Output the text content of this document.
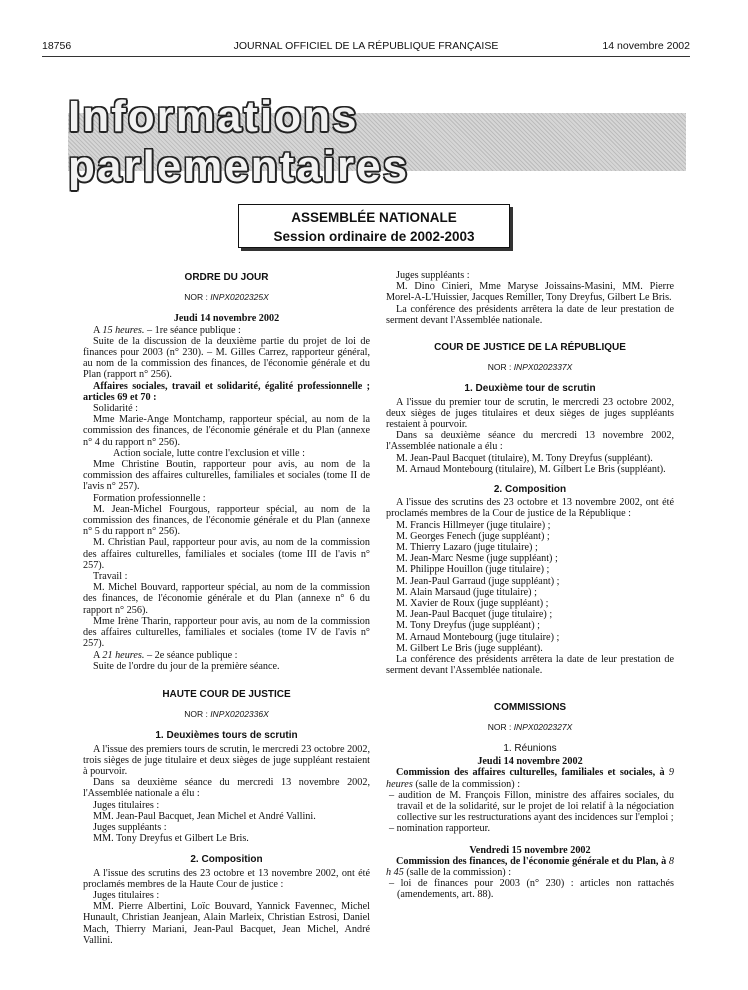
18756	JOURNAL OFFICIEL DE LA RÉPUBLIQUE FRANÇAISE	14 novembre 2002
Informations parlementaires
ASSEMBLÉE NATIONALE
Session ordinaire de 2002-2003

ORDRE DU JOUR

NOR : INPX0202325X

Jeudi 14 novembre 2002

A 15 heures. – 1re séance publique :

Suite de la discussion de la deuxième partie du projet de loi de finances pour 2003 (n° 230). – M. Gilles Carrez, rapporteur général, au nom de la commission des finances, de l'économie générale et du Plan (rapport n° 256).

Affaires sociales, travail et solidarité, égalité professionnelle ; articles 69 et 70 :

Solidarité :

Mme Marie-Ange Montchamp, rapporteur spécial, au nom de la commission des finances, de l'économie générale et du Plan (annexe n° 4 du rapport n° 256).

Action sociale, lutte contre l'exclusion et ville :

Mme Christine Boutin, rapporteur pour avis, au nom de la commission des affaires culturelles, familiales et sociales (tome II de l'avis n° 257).

Formation professionnelle :

M. Jean-Michel Fourgous, rapporteur spécial, au nom de la commission des finances, de l'économie générale et du Plan (annexe n° 5 du rapport n° 256).

M. Christian Paul, rapporteur pour avis, au nom de la commission des affaires culturelles, familiales et sociales (tome III de l'avis n° 257).

Travail :

M. Michel Bouvard, rapporteur spécial, au nom de la commission des finances, de l'économie générale et du Plan (annexe n° 6 du rapport n° 256).

Mme Irène Tharin, rapporteur pour avis, au nom de la commission des affaires culturelles, familiales et sociales (tome IV de l'avis n° 257).

A 21 heures. – 2e séance publique :

Suite de l'ordre du jour de la première séance.

HAUTE COUR DE JUSTICE

NOR : INPX0202336X

1. Deuxièmes tours de scrutin

A l'issue des premiers tours de scrutin, le mercredi 23 octobre 2002, trois sièges de juge titulaire et deux sièges de juge suppléant restaient à pourvoir.

Dans sa deuxième séance du mercredi 13 novembre 2002, l'Assemblée nationale a élu :

Juges titulaires :

MM. Jean-Paul Bacquet, Jean Michel et André Vallini.

Juges suppléants :

MM. Tony Dreyfus et Gilbert Le Bris.

2. Composition

A l'issue des scrutins des 23 octobre et 13 novembre 2002, ont été proclamés membres de la Haute Cour de justice :

Juges titulaires :

MM. Pierre Albertini, Loïc Bouvard, Yannick Favennec, Michel Hunault, Christian Jeanjean, Alain Marleix, Christian Estrosi, Daniel Mach, Thierry Mariani, Jean-Paul Bacquet, Jean Michel, André Vallini.

Juges suppléants :

M. Dino Cinieri, Mme Maryse Joissains-Masini, MM. Pierre Morel-A-L'Huissier, Jacques Remiller, Tony Dreyfus, Gilbert Le Bris.

La conférence des présidents arrêtera la date de leur prestation de serment devant l'Assemblée nationale.

COUR DE JUSTICE DE LA RÉPUBLIQUE

NOR : INPX0202337X

1. Deuxième tour de scrutin

A l'issue du premier tour de scrutin, le mercredi 23 octobre 2002, deux sièges de juges titulaires et deux sièges de juges suppléants restaient à pourvoir.

Dans sa deuxième séance du mercredi 13 novembre 2002, l'Assemblée nationale a élu :

M. Jean-Paul Bacquet (titulaire), M. Tony Dreyfus (suppléant).

M. Arnaud Montebourg (titulaire), M. Gilbert Le Bris (suppléant).

2. Composition

A l'issue des scrutins des 23 octobre et 13 novembre 2002, ont été proclamés membres de la Cour de justice de la République :

M. Francis Hillmeyer (juge titulaire) ;

M. Georges Fenech (juge suppléant) ;

M. Thierry Lazaro (juge titulaire) ;

M. Jean-Marc Nesme (juge suppléant) ;

M. Philippe Houillon (juge titulaire) ;

M. Jean-Paul Garraud (juge suppléant) ;

M. Alain Marsaud (juge titulaire) ;

M. Xavier de Roux (juge suppléant) ;

M. Jean-Paul Bacquet (juge titulaire) ;

M. Tony Dreyfus (juge suppléant) ;

M. Arnaud Montebourg (juge titulaire) ;

M. Gilbert Le Bris (juge suppléant).

La conférence des présidents arrêtera la date de leur prestation de serment devant l'Assemblée nationale.

COMMISSIONS

NOR : INPX0202327X

1. Réunions

Jeudi 14 novembre 2002

Commission des affaires culturelles, familiales et sociales, à 9 heures (salle de la commission) :

– audition de M. François Fillon, ministre des affaires sociales, du travail et de la solidarité, sur le projet de loi relatif à la négociation collective sur les restructurations ayant des incidences sur l'emploi ;

– nomination rapporteur.

Vendredi 15 novembre 2002

Commission des finances, de l'économie générale et du Plan, à 8 h 45 (salle de la commission) :

– loi de finances pour 2003 (n° 230) : articles non rattachés (amendements, art. 88).
